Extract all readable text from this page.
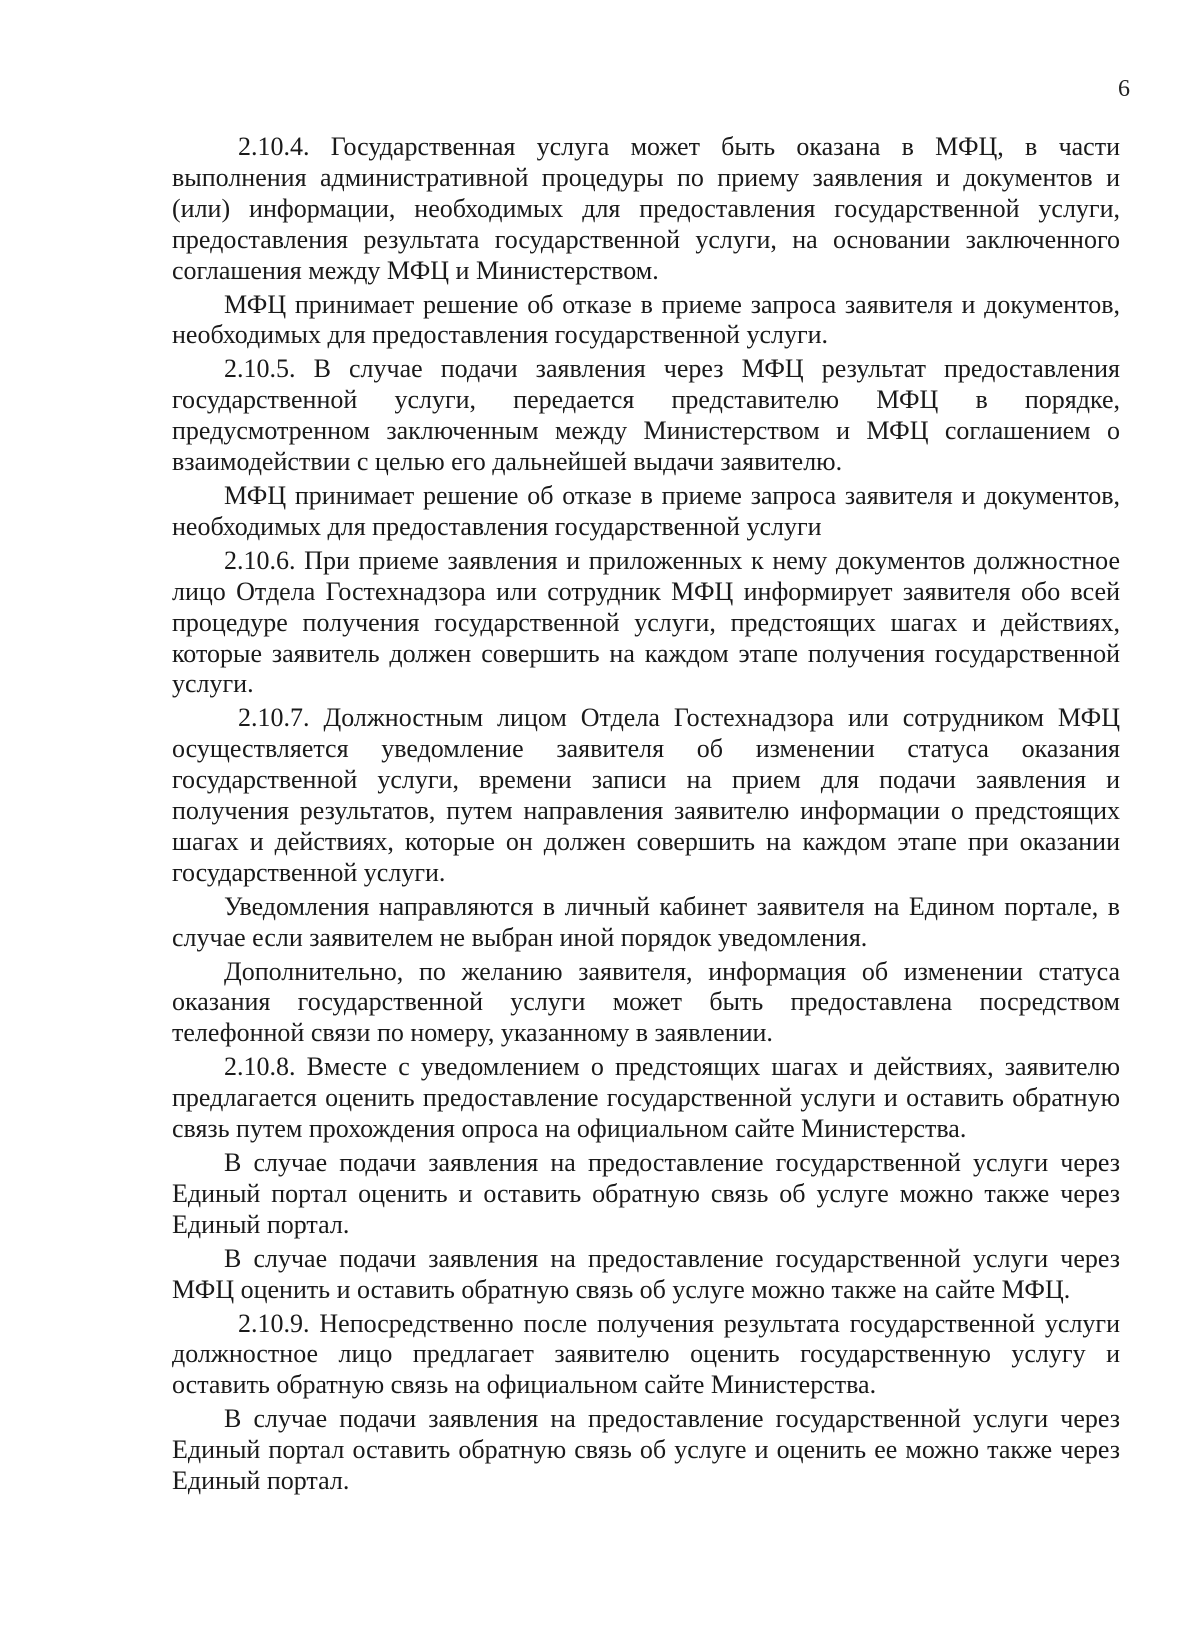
6

2.10.4. Государственная услуга может быть оказана в МФЦ, в части выполнения административной процедуры по приему заявления и документов и (или) информации, необходимых для предоставления государственной услуги, предоставления результата государственной услуги, на основании заключенного соглашения между МФЦ и Министерством.

МФЦ принимает решение об отказе в приеме запроса заявителя и документов, необходимых для предоставления государственной услуги.

2.10.5. В случае подачи заявления через МФЦ результат предоставления государственной услуги, передается представителю МФЦ в порядке, предусмотренном заключенным между Министерством и МФЦ соглашением о взаимодействии с целью его дальнейшей выдачи заявителю.

МФЦ принимает решение об отказе в приеме запроса заявителя и документов, необходимых для предоставления государственной услуги

2.10.6. При приеме заявления и приложенных к нему документов должностное лицо Отдела Гостехнадзора или сотрудник МФЦ информирует заявителя обо всей процедуре получения государственной услуги, предстоящих шагах и действиях, которые заявитель должен совершить на каждом этапе получения государственной услуги.

2.10.7. Должностным лицом Отдела Гостехнадзора или сотрудником МФЦ осуществляется уведомление заявителя об изменении статуса оказания государственной услуги, времени записи на прием для подачи заявления и получения результатов, путем направления заявителю информации о предстоящих шагах и действиях, которые он должен совершить на каждом этапе при оказании государственной услуги.

Уведомления направляются в личный кабинет заявителя на Едином портале, в случае если заявителем не выбран иной порядок уведомления.

Дополнительно, по желанию заявителя, информация об изменении статуса оказания государственной услуги может быть предоставлена посредством телефонной связи по номеру, указанному в заявлении.

2.10.8. Вместе с уведомлением о предстоящих шагах и действиях, заявителю предлагается оценить предоставление государственной услуги и оставить обратную связь путем прохождения опроса на официальном сайте Министерства.

В случае подачи заявления на предоставление государственной услуги через Единый портал оценить и оставить обратную связь об услуге можно также через Единый портал.

В случае подачи заявления на предоставление государственной услуги через МФЦ оценить и оставить обратную связь об услуге можно также на сайте МФЦ.

2.10.9. Непосредственно после получения результата государственной услуги должностное лицо предлагает заявителю оценить государственную услугу и оставить обратную связь на официальном сайте Министерства.

В случае подачи заявления на предоставление государственной услуги через Единый портал оставить обратную связь об услуге и оценить ее можно также через Единый портал.
